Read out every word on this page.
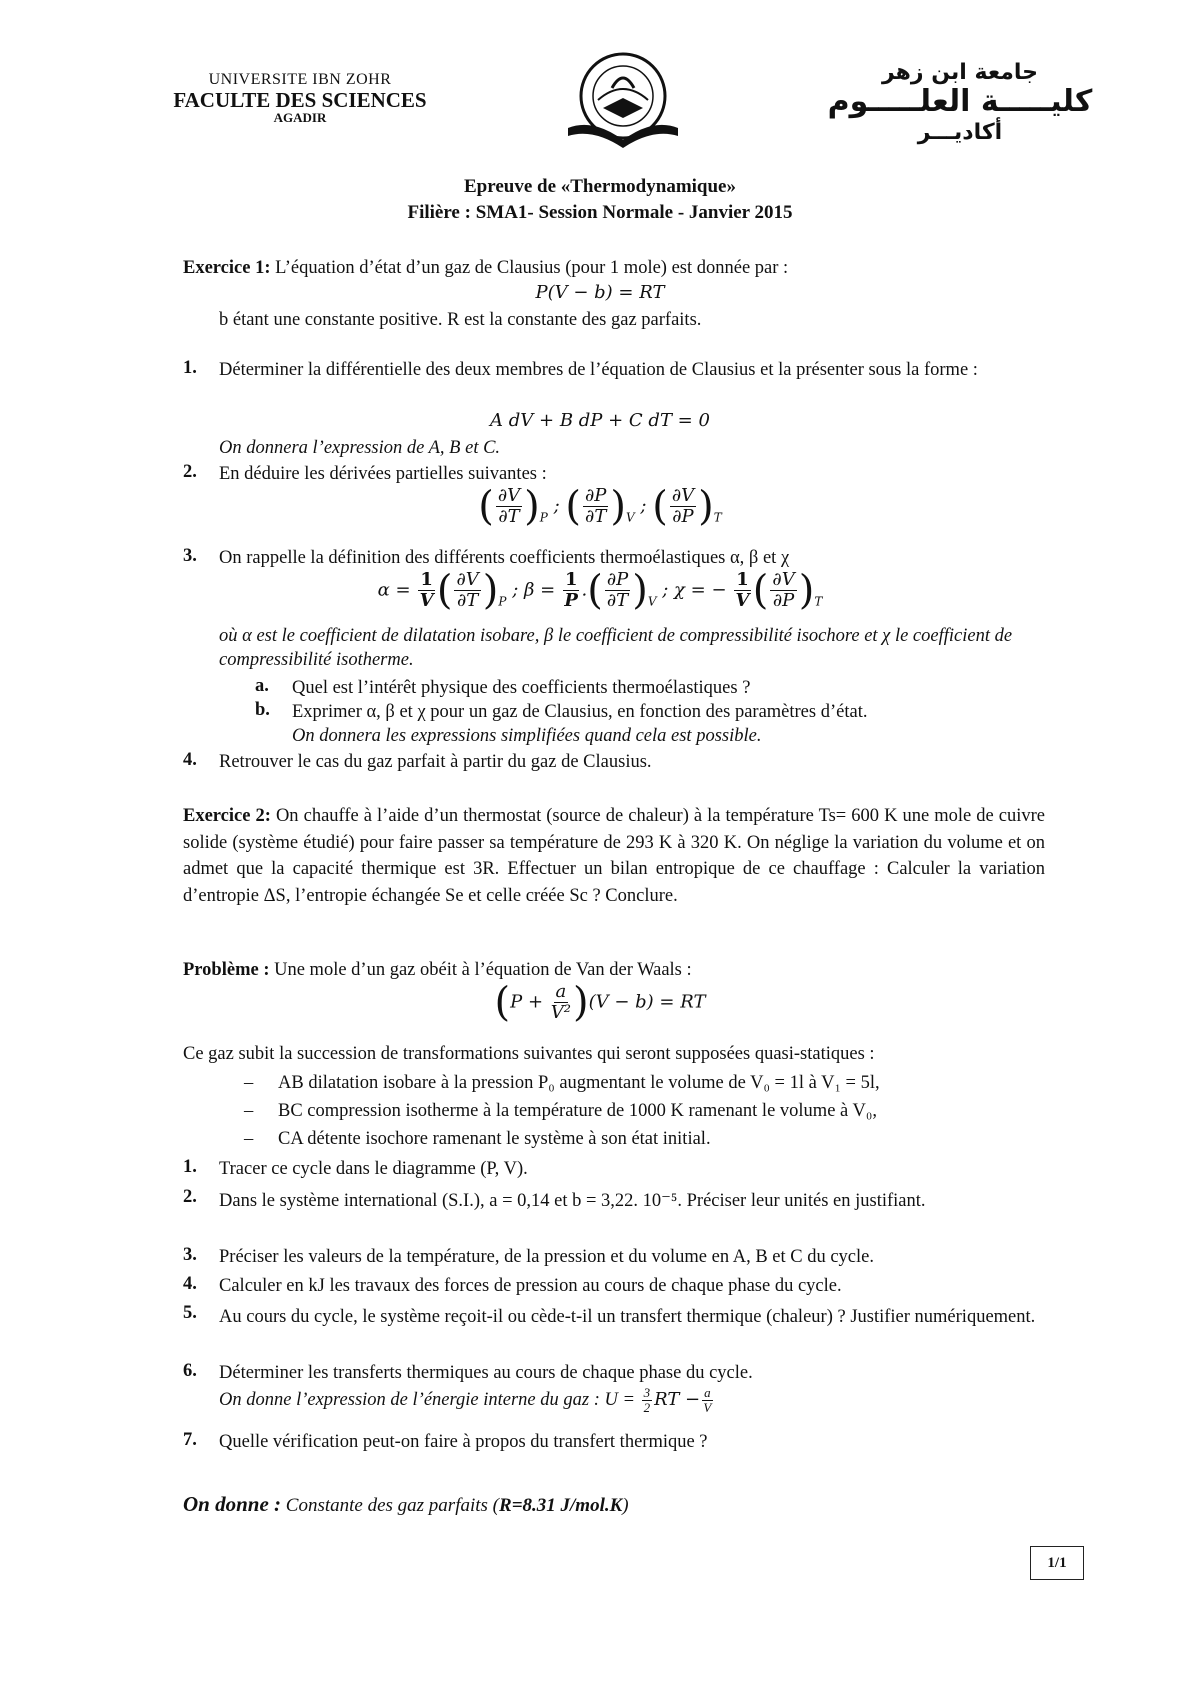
UNIVERSITE IBN ZOHR
FACULTE DES SCIENCES
AGADIR
جامعة ابن زهر
كليـــــة العلـــــوم
أكاديـــر
Epreuve de «Thermodynamique»
Filière : SMA1- Session Normale - Janvier 2015
Exercice 1: L’équation d’état d’un gaz de Clausius (pour 1 mole) est donnée par :
P(V − b) = RT
b étant une constante positive. R est la constante des gaz parfaits.
1. Déterminer la différentielle des deux membres de l’équation de Clausius et la présenter sous la forme :
A dV + B dP + C dT = 0
On donnera l’expression de A, B et C.
2. En déduire les dérivées partielles suivantes :
( $\frac{\partial V}{\partial T} )_P$ ; ( $\frac{\partial P}{\partial T} )_V$ ; ( $\frac{\partial V}{\partial P} )_T$
3. On rappelle la définition des différents coefficients thermoélastiques α, β et χ
$\alpha = \frac{1}{V}$ ( $\frac{\partial V}{\partial T} )_P$ ; $\beta = \frac{1}{P}$ .( $\frac{\partial P}{\partial T} )_V$ ; χ = − $\frac{1}{V}$ ( $\frac{\partial V}{\partial P} )_T$
où α est le coefficient de dilatation isobare, β le coefficient de compressibilité isochore et χ le coefficient de compressibilité isotherme.
a. Quel est l’intérêt physique des coefficients thermoélastiques ?
b. Exprimer α, β et χ pour un gaz de Clausius, en fonction des paramètres d’état.
On donnera les expressions simplifiées quand cela est possible.
4. Retrouver le cas du gaz parfait à partir du gaz de Clausius.
Exercice 2: On chauffe à l’aide d’un thermostat (source de chaleur) à la température Ts= 600 K une mole de cuivre solide (système étudié) pour faire passer sa température de 293 K à 320 K. On néglige la variation du volume et on admet que la capacité thermique est 3R. Effectuer un bilan entropique de ce chauffage : Calculer la variation d’entropie ΔS, l’entropie échangée Se et celle créée Sc ? Conclure.
Problème : Une mole d’un gaz obéit à l’équation de Van der Waals :
$(P + \frac{a}{\text{V²}} )(V - b)$ = RT
Ce gaz subit la succession de transformations suivantes qui seront supposées quasi-statiques :
– AB dilatation isobare à la pression P₀ augmentant le volume de V₀ = 1l à V₁ = 5l,
– BC compression isotherme à la température de 1000 K ramenant le volume à V₀,
– CA détente isochore ramenant le système à son état initial.
1. Tracer ce cycle dans le diagramme (P, V).
2. Dans le système international (S.I.), a = 0,14 et b = 3,22. 10⁻⁵. Préciser leur unités en justifiant.
3. Préciser les valeurs de la température, de la pression et du volume en A, B et C du cycle.
4. Calculer en kJ les travaux des forces de pression au cours de chaque phase du cycle.
5. Au cours du cycle, le système reçoit-il ou cède-t-il un transfert thermique (chaleur) ? Justifier numériquement.
6. Déterminer les transferts thermiques au cours de chaque phase du cycle.
On donne l’expression de l’énergie interne du gaz : $U = \frac{3}{2}$ RT − $\frac{a}{V}$
7. Quelle vérification peut-on faire à propos du transfert thermique ?
On donne : Constante des gaz parfaits (R=8.31 J/mol.K)
1/1
